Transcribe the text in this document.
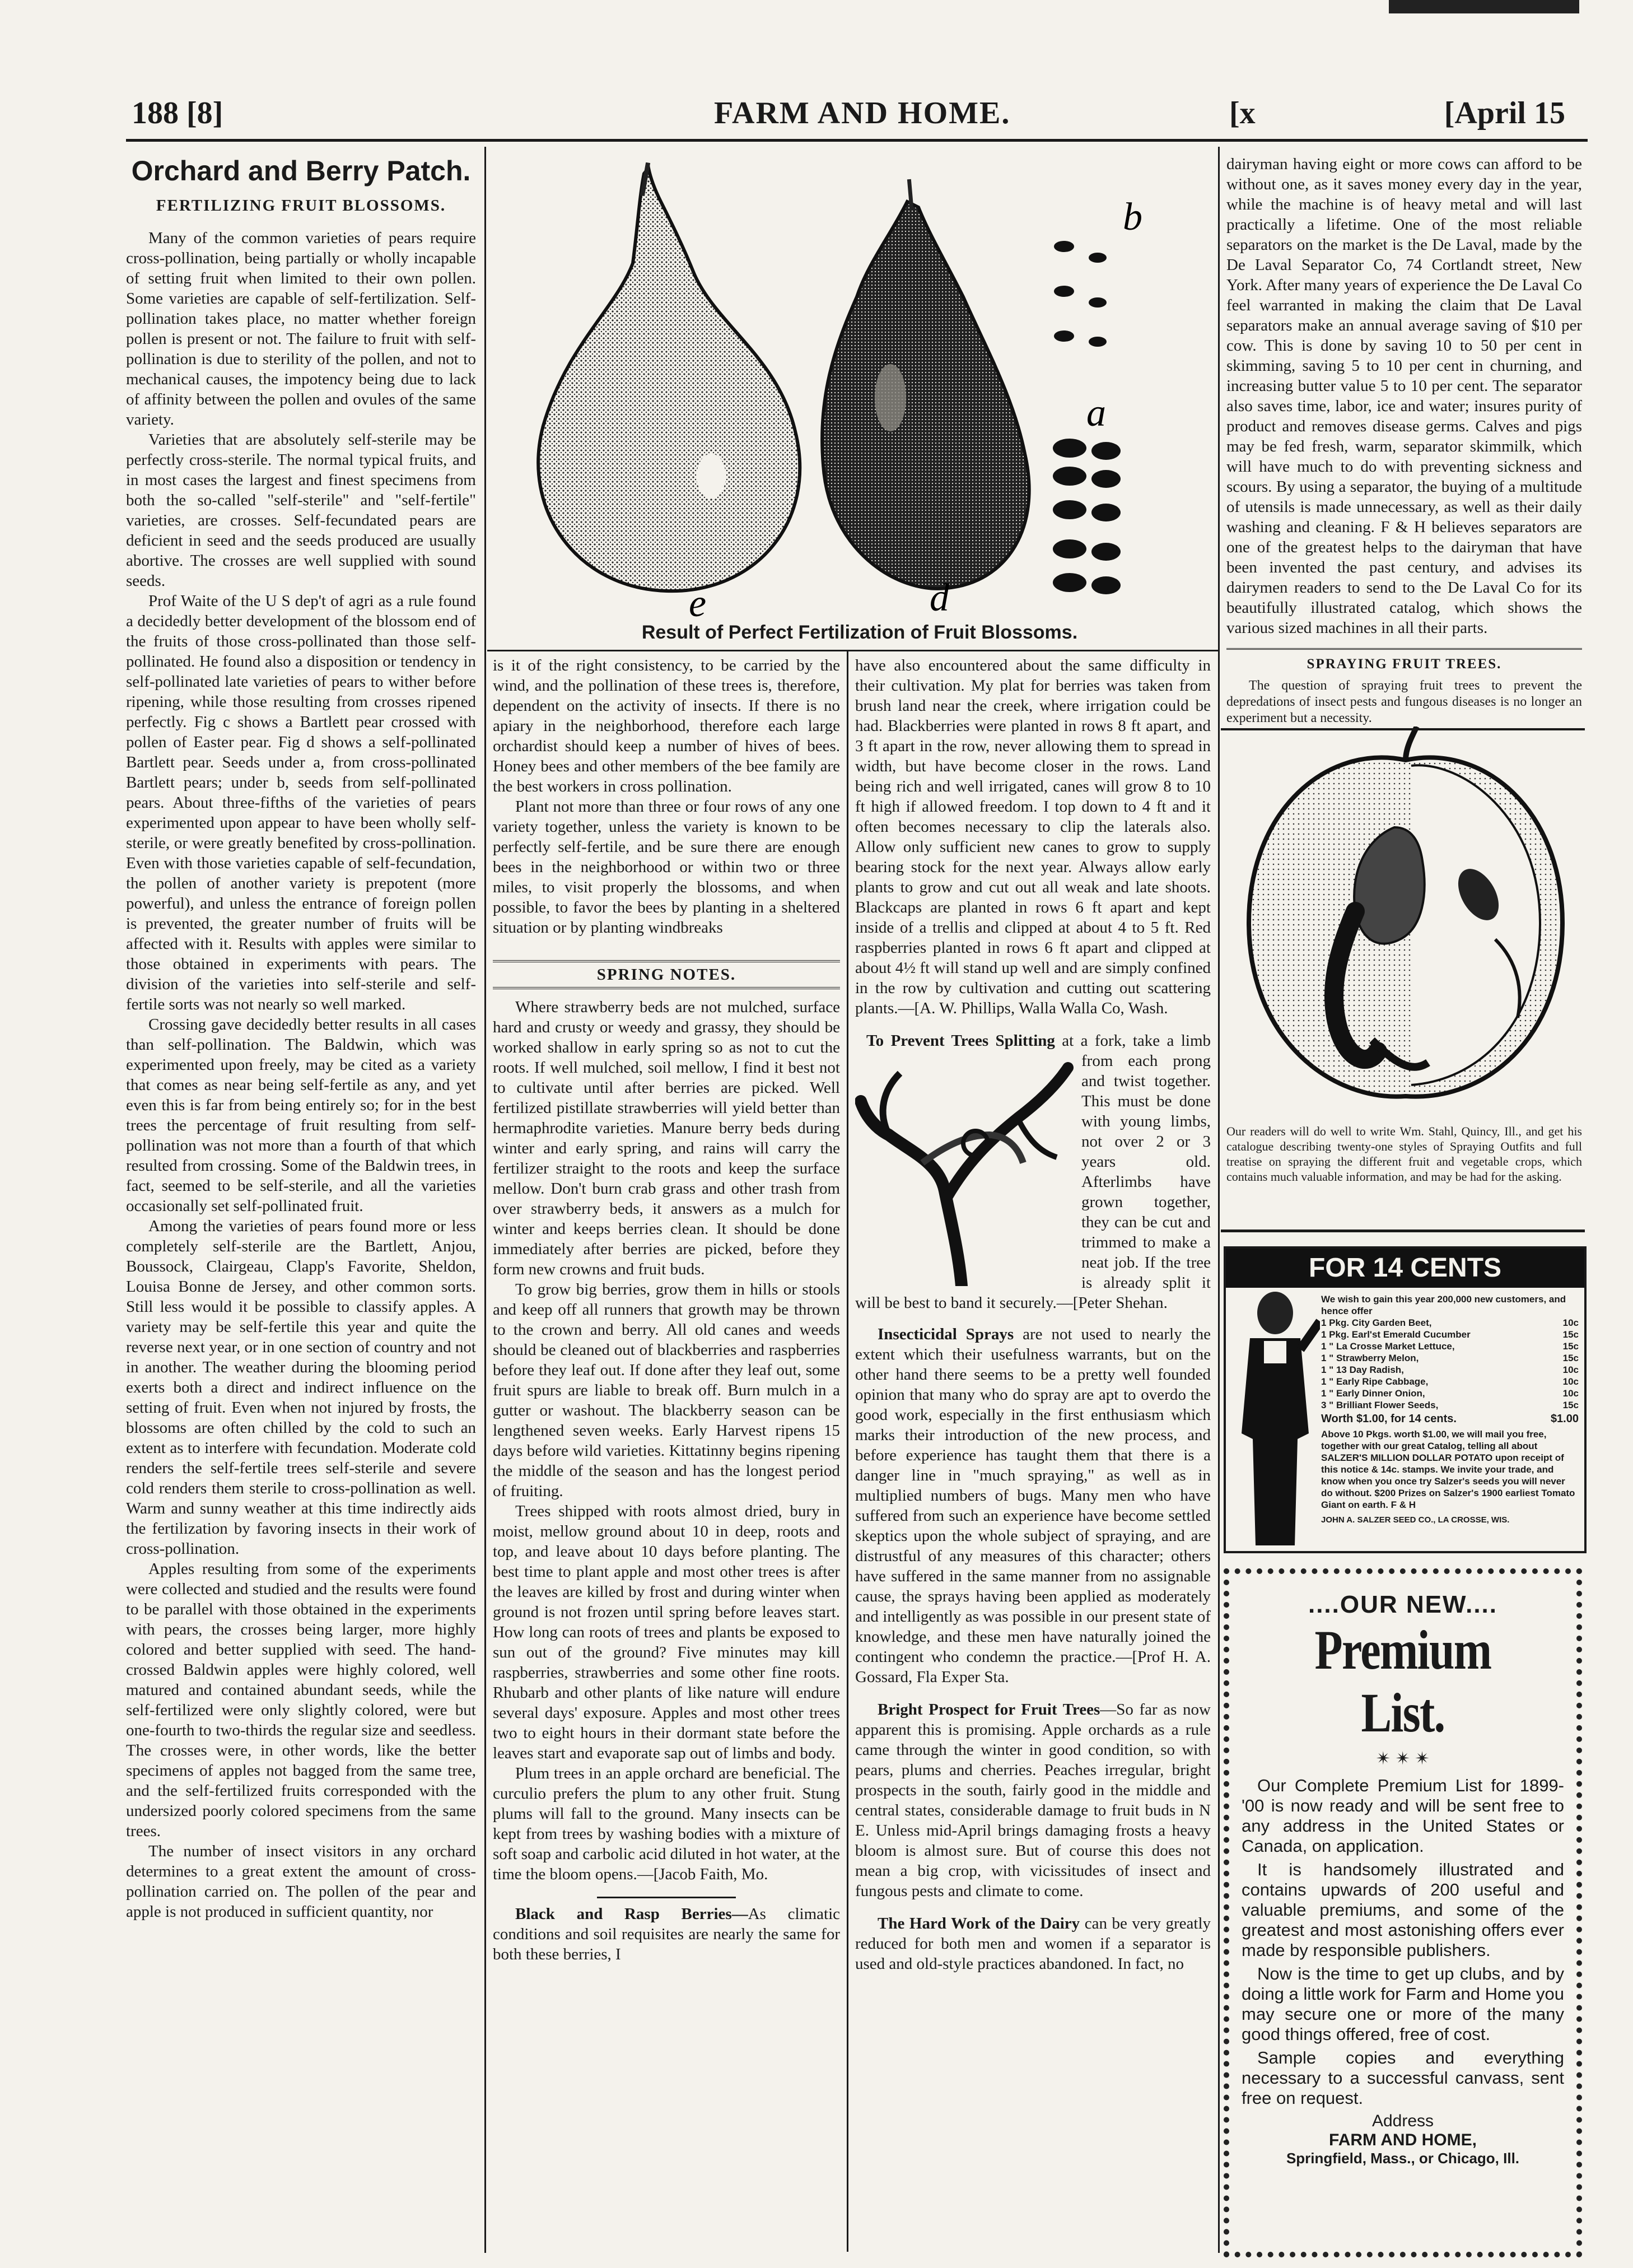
188 [8]	FARM AND HOME.	[x	[April 15
Orchard and Berry Patch.
FERTILIZING FRUIT BLOSSOMS.

Many of the common varieties of pears require cross-pollination, being partially or wholly incapable of setting fruit when limited to their own pollen. Some varieties are capable of self-fertilization. Self-pollination takes place, no matter whether foreign pollen is present or not. The failure to fruit with self-pollination is due to sterility of the pollen, and not to mechanical causes, the impotency being due to lack of affinity between the pollen and ovules of the same variety.

Varieties that are absolutely self-sterile may be perfectly cross-sterile. The normal typical fruits, and in most cases the largest and finest specimens from both the so-called "self-sterile" and "self-fertile" varieties, are crosses. Self-fecundated pears are deficient in seed and the seeds produced are usually abortive. The crosses are well supplied with sound seeds.

Prof Waite of the U S dep't of agri as a rule found a decidedly better development of the blossom end of the fruits of those cross-pollinated than those self-pollinated. He found also a disposition or tendency in self-pollinated late varieties of pears to wither before ripening, while those resulting from crosses ripened perfectly. Fig c shows a Bartlett pear crossed with pollen of Easter pear. Fig d shows a self-pollinated Bartlett pear. Seeds under a, from cross-pollinated Bartlett pears; under b, seeds from self-pollinated pears. About three-fifths of the varieties of pears experimented upon appear to have been wholly self-sterile, or were greatly benefited by cross-pollination. Even with those varieties capable of self-fecundation, the pollen of another variety is prepotent (more powerful), and unless the entrance of foreign pollen is prevented, the greater number of fruits will be affected with it. Results with apples were similar to those obtained in experiments with pears. The division of the varieties into self-sterile and self-fertile sorts was not nearly so well marked.

Crossing gave decidedly better results in all cases than self-pollination. The Baldwin, which was experimented upon freely, may be cited as a variety that comes as near being self-fertile as any, and yet even this is far from being entirely so; for in the best trees the percentage of fruit resulting from self-pollination was not more than a fourth of that which resulted from crossing. Some of the Baldwin trees, in fact, seemed to be self-sterile, and all the varieties occasionally set self-pollinated fruit.

Among the varieties of pears found more or less completely self-sterile are the Bartlett, Anjou, Boussock, Clairgeau, Clapp's Favorite, Sheldon, Louisa Bonne de Jersey, and other common sorts. Still less would it be possible to classify apples. A variety may be self-fertile this year and quite the reverse next year, or in one section of country and not in another. The weather during the blooming period exerts both a direct and indirect influence on the setting of fruit. Even when not injured by frosts, the blossoms are often chilled by the cold to such an extent as to interfere with fecundation. Moderate cold renders the self-fertile trees self-sterile and severe cold renders them sterile to cross-pollination as well. Warm and sunny weather at this time indirectly aids the fertilization by favoring insects in their work of cross-pollination.

Apples resulting from some of the experiments were collected and studied and the results were found to be parallel with those obtained in the experiments with pears, the crosses being larger, more highly colored and better supplied with seed. The hand-crossed Baldwin apples were highly colored, well matured and contained abundant seeds, while the self-fertilized were only slightly colored, were but one-fourth to two-thirds the regular size and seedless. The crosses were, in other words, like the better specimens of apples not bagged from the same tree, and the self-fertilized fruits corresponded with the undersized poorly colored specimens from the same trees.

The number of insect visitors in any orchard determines to a great extent the amount of cross-pollination carried on. The pollen of the pear and apple is not produced in sufficient quantity, nor

e	d
b
a
Result of Perfect Fertilization of Fruit Blossoms.

is it of the right consistency, to be carried by the wind, and the pollination of these trees is, therefore, dependent on the activity of insects. If there is no apiary in the neighborhood, therefore each large orchardist should keep a number of hives of bees. Honey bees and other members of the bee family are the best workers in cross pollination.

Plant not more than three or four rows of any one variety together, unless the variety is known to be perfectly self-fertile, and be sure there are enough bees in the neighborhood or within two or three miles, to visit properly the blossoms, and when possible, to favor the bees by planting in a sheltered situation or by planting windbreaks

SPRING NOTES.

Where strawberry beds are not mulched, surface hard and crusty or weedy and grassy, they should be worked shallow in early spring so as not to cut the roots. If well mulched, soil mellow, I find it best not to cultivate until after berries are picked. Well fertilized pistillate strawberries will yield better than hermaphrodite varieties. Manure berry beds during winter and early spring, and rains will carry the fertilizer straight to the roots and keep the surface mellow. Don't burn crab grass and other trash from over strawberry beds, it answers as a mulch for winter and keeps berries clean. It should be done immediately after berries are picked, before they form new crowns and fruit buds.

To grow big berries, grow them in hills or stools and keep off all runners that growth may be thrown to the crown and berry. All old canes and weeds should be cleaned out of blackberries and raspberries before they leaf out. If done after they leaf out, some fruit spurs are liable to break off. Burn mulch in a gutter or washout. The blackberry season can be lengthened seven weeks. Early Harvest ripens 15 days before wild varieties. Kittatinny begins ripening the middle of the season and has the longest period of fruiting.

Trees shipped with roots almost dried, bury in moist, mellow ground about 10 in deep, roots and top, and leave about 10 days before planting. The best time to plant apple and most other trees is after the leaves are killed by frost and during winter when ground is not frozen until spring before leaves start. How long can roots of trees and plants be exposed to sun out of the ground? Five minutes may kill raspberries, strawberries and some other fine roots. Rhubarb and other plants of like nature will endure several days' exposure. Apples and most other trees two to eight hours in their dormant state before the leaves start and evaporate sap out of limbs and body.

Plum trees in an apple orchard are beneficial. The curculio prefers the plum to any other fruit. Stung plums will fall to the ground. Many insects can be kept from trees by washing bodies with a mixture of soft soap and carbolic acid diluted in hot water, at the time the bloom opens.—[Jacob Faith, Mo.

Black and Rasp Berries—As climatic conditions and soil requisites are nearly the same for both these berries, I

have also encountered about the same difficulty in their cultivation. My plat for berries was taken from brush land near the creek, where irrigation could be had. Blackberries were planted in rows 8 ft apart, and 3 ft apart in the row, never allowing them to spread in width, but have become closer in the rows. Land being rich and well irrigated, canes will grow 8 to 10 ft high if allowed freedom. I top down to 4 ft and it often becomes necessary to clip the laterals also. Allow only sufficient new canes to grow to supply bearing stock for the next year. Always allow early plants to grow and cut out all weak and late shoots. Blackcaps are planted in rows 6 ft apart and kept inside of a trellis and clipped at about 4 to 5 ft. Red raspberries planted in rows 6 ft apart and clipped at about 4½ ft will stand up well and are simply confined in the row by cultivation and cutting out scattering plants.—[A. W. Phillips, Walla Walla Co, Wash.

To Prevent Trees Splitting at a fork, take a limb from each prong and twist together. This must be done with young limbs, not over 2 or 3 years old. Afterlimbs have grown together, they can be cut and trimmed to make a neat job. If the tree is already split it will be best to band it securely.—[Peter Shehan.

Insecticidal Sprays are not used to nearly the extent which their usefulness warrants, but on the other hand there seems to be a pretty well founded opinion that many who do spray are apt to overdo the good work, especially in the first enthusiasm which marks their introduction of the new process, and before experience has taught them that there is a danger line in "much spraying," as well as in multiplied numbers of bugs. Many men who have suffered from such an experience have become settled skeptics upon the whole subject of spraying, and are distrustful of any measures of this character; others have suffered in the same manner from no assignable cause, the sprays having been applied as moderately and intelligently as was possible in our present state of knowledge, and these men have naturally joined the contingent who condemn the practice.—[Prof H. A. Gossard, Fla Exper Sta.

Bright Prospect for Fruit Trees—So far as now apparent this is promising. Apple orchards as a rule came through the winter in good condition, so with pears, plums and cherries. Peaches irregular, bright prospects in the south, fairly good in the middle and central states, considerable damage to fruit buds in N E. Unless mid-April brings damaging frosts a heavy bloom is almost sure. But of course this does not mean a big crop, with vicissitudes of insect and fungous pests and climate to come.

The Hard Work of the Dairy can be very greatly reduced for both men and women if a separator is used and old-style practices abandoned. In fact, no

dairyman having eight or more cows can afford to be without one, as it saves money every day in the year, while the machine is of heavy metal and will last practically a lifetime. One of the most reliable separators on the market is the De Laval, made by the De Laval Separator Co, 74 Cortlandt street, New York. After many years of experience the De Laval Co feel warranted in making the claim that De Laval separators make an annual average saving of $10 per cow. This is done by saving 10 to 50 per cent in skimming, saving 5 to 10 per cent in churning, and increasing butter value 5 to 10 per cent. The separator also saves time, labor, ice and water; insures purity of product and removes disease germs. Calves and pigs may be fed fresh, warm, separator skimmilk, which will have much to do with preventing sickness and scours. By using a separator, the buying of a multitude of utensils is made unnecessary, as well as their daily washing and cleaning. F & H believes separators are one of the greatest helps to the dairyman that have been invented the past century, and advises its dairymen readers to send to the De Laval Co for its beautifully illustrated catalog, which shows the various sized machines in all their parts.

SPRAYING FRUIT TREES.

The question of spraying fruit trees to prevent the depredations of insect pests and fungous diseases is no longer an experiment but a necessity.

Our readers will do well to write Wm. Stahl, Quincy, Ill., and get his catalogue describing twenty-one styles of Spraying Outfits and full treatise on spraying the different fruit and vegetable crops, which contains much valuable information, and may be had for the asking.
FOR 14 CENTS
We wish to gain this year 200,000 new customers, and hence offer
1 Pkg. City Garden Beet,	10c
1 Pkg. Earl'st Emerald Cucumber	15c
1 " La Crosse Market Lettuce,	15c
1 " Strawberry Melon,	15c
1 " 13 Day Radish,	10c
1 " Early Ripe Cabbage,	10c
1 " Early Dinner Onion,	10c
3 " Brilliant Flower Seeds,	15c
Worth $1.00, for 14 cents.	$1.00
Above 10 Pkgs. worth $1.00, we will mail you free, together with our great Catalog, telling all about SALZER'S MILLION DOLLAR POTATO upon receipt of this notice & 14c. stamps. We invite your trade, and know when you once try Salzer's seeds you will never do without. $200 Prizes on Salzer's 1900 earliest Tomato Giant on earth. F & H
JOHN A. SALZER SEED CO., LA CROSSE, WIS.
....OUR NEW....
Premium List.
✴ ✴ ✴

Our Complete Premium List for 1899-'00 is now ready and will be sent free to any address in the United States or Canada, on application.

It is handsomely illustrated and contains upwards of 200 useful and valuable premiums, and some of the greatest and most astonishing offers ever made by responsible publishers.

Now is the time to get up clubs, and by doing a little work for Farm and Home you may secure one or more of the many good things offered, free of cost.

Sample copies and everything necessary to a successful canvass, sent free on request.

Address
FARM AND HOME,
Springfield, Mass., or Chicago, Ill.
